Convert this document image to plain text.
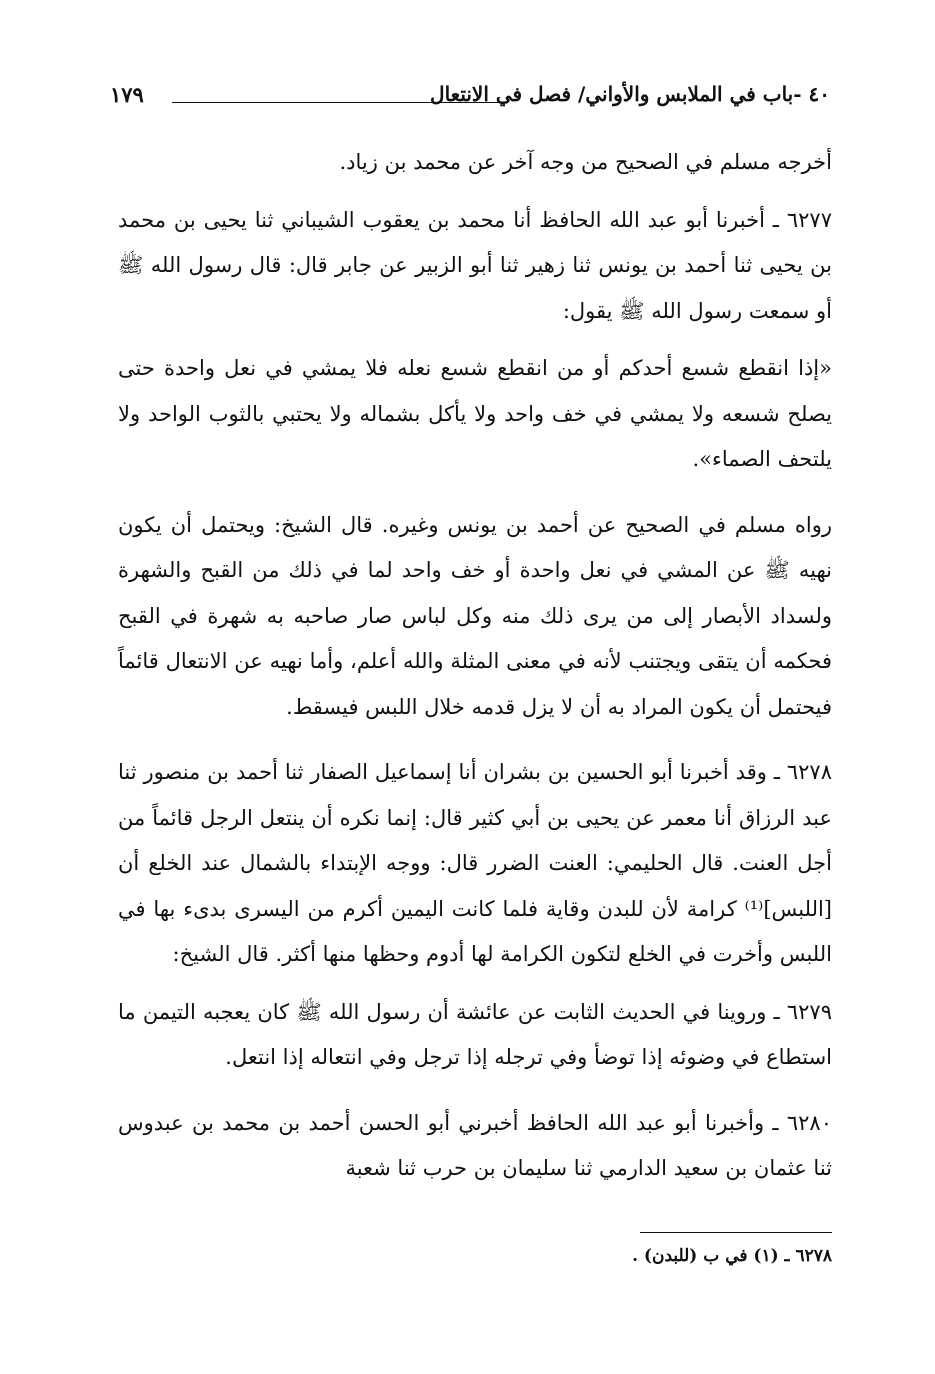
٤٠ -باب في الملابس والأواني/ فصل في الانتعال
١٧٩

أخرجه مسلم في الصحيح من وجه آخر عن محمد بن زياد.

٦٢٧٧ ـ أخبرنا أبو عبد الله الحافظ أنا محمد بن يعقوب الشيباني ثنا يحيى بن محمد بن يحيى ثنا أحمد بن يونس ثنا زهير ثنا أبو الزبير عن جابر قال: قال رسول الله ﷺ أو سمعت رسول الله ﷺ يقول:

«إذا انقطع شسع أحدكم أو من انقطع شسع نعله فلا يمشي في نعل واحدة حتى يصلح شسعه ولا يمشي في خف واحد ولا يأكل بشماله ولا يحتبي بالثوب الواحد ولا يلتحف الصماء».

رواه مسلم في الصحيح عن أحمد بن يونس وغيره. قال الشيخ: ويحتمل أن يكون نهيه ﷺ عن المشي في نعل واحدة أو خف واحد لما في ذلك من القبح والشهرة ولسداد الأبصار إلى من يرى ذلك منه وكل لباس صار صاحبه به شهرة في القبح فحكمه أن يتقى ويجتنب لأنه في معنى المثلة والله أعلم، وأما نهيه عن الانتعال قائماً فيحتمل أن يكون المراد به أن لا يزل قدمه خلال اللبس فيسقط.

٦٢٧٨ ـ وقد أخبرنا أبو الحسين بن بشران أنا إسماعيل الصفار ثنا أحمد بن منصور ثنا عبد الرزاق أنا معمر عن يحيى بن أبي كثير قال: إنما نكره أن ينتعل الرجل قائماً من أجل العنت. قال الحليمي: العنت الضرر قال: ووجه الإبتداء بالشمال عند الخلع أن [اللبس]⁽¹⁾ كرامة لأن للبدن وقاية فلما كانت اليمين أكرم من اليسرى بدىء بها في اللبس وأخرت في الخلع لتكون الكرامة لها أدوم وحظها منها أكثر. قال الشيخ:

٦٢٧٩ ـ وروينا في الحديث الثابت عن عائشة أن رسول الله ﷺ كان يعجبه التيمن ما استطاع في وضوئه إذا توضأ وفي ترجله إذا ترجل وفي انتعاله إذا انتعل.

٦٢٨٠ ـ وأخبرنا أبو عبد الله الحافظ أخبرني أبو الحسن أحمد بن محمد بن عبدوس ثنا عثمان بن سعيد الدارمي ثنا سليمان بن حرب ثنا شعبة

٦٢٧٨ ـ (١) في ب (للبدن) .
